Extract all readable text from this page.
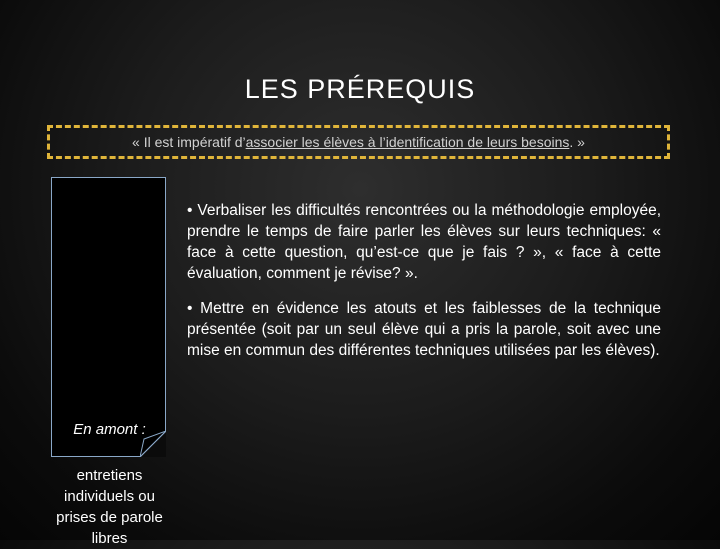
LES PRÉREQUIS
« Il est impératif d’associer les élèves à l’identification de leurs besoins. »
En amont :
entretiens individuels ou prises de parole libres
• Verbaliser les difficultés rencontrées ou la méthodologie employée, prendre le temps de faire parler les élèves sur leurs techniques: « face à cette question, qu’est-ce que je fais ? », « face à cette évaluation, comment je révise? ».
• Mettre en évidence les atouts et les faiblesses de la technique présentée (soit par un seul élève qui a pris la parole, soit avec une mise en commun des différentes techniques utilisées par les élèves).
